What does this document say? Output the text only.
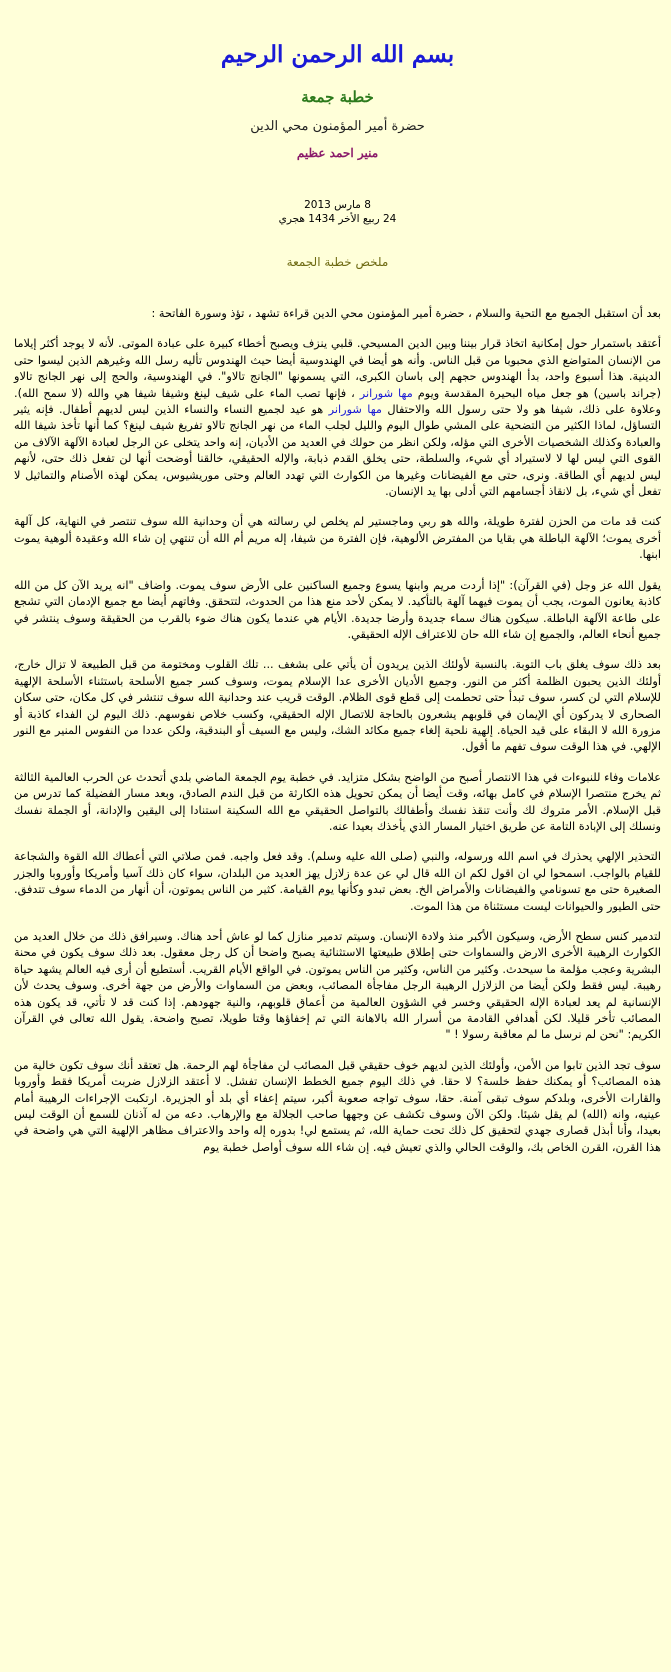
بسم الله الرحمن الرحيم
خطبة جمعة
حضرة أمير المؤمنون محي الدين
منير احمد عظيم
8 مارس 2013
24 ربيع الأخر 1434 هجري
ملخص خطبة الجمعة

بعد أن استقبل الجميع مع التحية والسلام ، حضرة أمير المؤمنون محي الدين قراءة تشهد ، تؤذ وسورة الفاتحة :

أعتقد باستمرار حول إمكانية اتخاذ قرار بيننا وبين الدين المسيحي. قلبي ينزف ويصبح أخطاء كبيرة على عبادة الموتى. لأنه لا يوجد أكثر إيلاما من الإنسان المتواضع الذي محبوبا من قبل الناس. وأنه هو أيضا في الهندوسية أيضا حيث الهندوس تأليه رسل الله وغيرهم الذين ليسوا حتى الدينية. هذا أسبوع واحد، بدأ الهندوس حجهم إلى باسان الكبرى، التي يسمونها "الجانج تالاو". في الهندوسية، والحج إلى نهر الجانج تالاو (جراند باسين) هو جعل مياه البحيرة المقدسة ويوم مها شورانر ، فإنها تصب الماء على شيف لينغ وشيفا شيفا هي والله (لا سمح الله). وعلاوة على ذلك، شيفا هو ولا حتى رسول الله والاحتفال مها شورانر هو عيد لجميع النساء والنساء الذين ليس لديهم أطفال. فإنه يثير التساؤل، لماذا الكثير من التضحية على المشي طوال اليوم والليل لجلب الماء من نهر الجانج تالاو تفريغ شيف لينغ؟ كما أنها تأخذ شيفا الله والعبادة وكذلك الشخصيات الأخرى التي مؤله، ولكن انظر من حولك في العديد من الأديان، إنه واحد يتخلى عن الرجل لعبادة الآلهة الآلاف من القوى التي ليس لها لا لاستيراد أي شيء، والسلطة، حتى يخلق القدم ذبابة، والإله الحقيقي، خالقنا أوضحت أنها لن تفعل ذلك حتى، لأنهم ليس لديهم أي الطاقة. ونرى، حتى مع الفيضانات وغيرها من الكوارث التي تهدد العالم وحتى موريشيوس، يمكن لهذه الأصنام والتماثيل لا تفعل أي شيء، بل لانقاذ أجسامهم التي أدلى بها يد الإنسان.

كنت قد مات من الحزن لفترة طويلة، والله هو ربي وماجستير لم يخلص لي رسالته هي أن وحدانية الله سوف تنتصر في النهاية، كل آلهة أخرى يموت؛ الآلهة الباطلة هي بقايا من المفترض الألوهية، فإن الفترة من شيفا، إله مريم أم الله أن تنتهي إن شاء الله وعقيدة ألوهية يموت ابنها.

يقول الله عز وجل (في القرآن): "إذا أردت مريم وابنها يسوع وجميع الساكنين على الأرض سوف يموت. واضاف "انه يريد الآن كل من الله كاذبة يعانون الموت، يجب أن يموت فيهما آلهة بالتأكيد. لا يمكن لأحد منع هذا من الحدوث، لتتحقق. وفاتهم أيضا مع جميع الإدمان التي تشجع على طاعة الآلهة الباطلة. سيكون هناك سماء جديدة وأرضا جديدة. الأيام هي عندما يكون هناك ضوء بالقرب من الحقيقة وسوف ينتشر في جميع أنحاء العالم، والجميع إن شاء الله حان للاعتراف الإله الحقيقي.

بعد ذلك سوف يغلق باب التوبة. بالنسبة لأولئك الذين يريدون أن يأتي على بشغف ... تلك القلوب ومختومة من قبل الطبيعة لا تزال خارج، أولئك الذين يحبون الظلمة أكثر من النور. وجميع الأديان الأخرى عدا الإسلام يموت، وسوف كسر جميع الأسلحة باستثناء الأسلحة الإلهية للإسلام التي لن كسر، سوف تبدأ حتى تحطمت إلى قطع قوى الظلام. الوقت قريب عند وحدانية الله سوف تنتشر في كل مكان، حتى سكان الصحارى لا يدركون أي الإيمان في قلوبهم يشعرون بالحاجة للاتصال الإله الحقيقي، وكسب خلاص نفوسهم. ذلك اليوم لن الفداء كاذبة أو مزورة الله لا البقاء على قيد الحياة. إلهية نلحية إلغاء جميع مكائد الشك، وليس مع السيف أو البندقية، ولكن عددا من النفوس المنير مع النور الإلهي. في هذا الوقت سوف تفهم ما أقول.

علامات وفاء للنبوءات في هذا الانتصار أصبح من الواضح بشكل متزايد. في خطبة يوم الجمعة الماضي بلدي أتحدث عن الحرب العالمية الثالثة ثم يخرج منتصرا الإسلام في كامل بهائه، وقت أيضا أن يمكن تحويل هذه الكارثة من قبل الندم الصادق، وبعد مسار الفضيلة كما تدرس من قبل الإسلام. الأمر متروك لك وأنت تنقذ نفسك وأطفالك بالتواصل الحقيقي مع الله السكينة استنادا إلى اليقين والإدانة، أو الجملة نفسك ونسلك إلى الإبادة التامة عن طريق اختيار المسار الذي يأخذك بعيدا عنه.

التحذير الإلهي يحذرك في اسم الله ورسوله، والنبي (صلى الله عليه وسلم). وقد فعل واجبه. فمن صلاتي التي أعطاك الله القوة والشجاعة للقيام بالواجب. اسمحوا لي ان اقول لكم ان الله قال لي عن عدة زلازل يهز العديد من البلدان، سواء كان ذلك آسيا وأمريكا وأوروبا والجزر الصغيرة حتى مع تسونامي والفيضانات والأمراض الخ. بعض تبدو وكأنها يوم القيامة. كثير من الناس يموتون، أن أنهار من الدماء سوف تتدفق. حتى الطيور والحيوانات ليست مستثناة من هذا الموت.

لتدمير كنس سطح الأرض، وسيكون الأكبر منذ ولادة الإنسان. وسيتم تدمير منازل كما لو عاش أحد هناك. وسيرافق ذلك من خلال العديد من الكوارث الرهيبة الأخرى الارض والسماوات حتى إطلاق طبيعتها الاستثنائية يصبح واضحا أن كل رجل معقول. بعد ذلك سوف يكون في محنة البشرية وعجب مؤلمة ما سيحدث. وكثير من الناس، وكثير من الناس يموتون. في الواقع الأيام القريب. أستطيع أن أرى فيه العالم يشهد حياة رهيبة. ليس فقط ولكن أيضا من الزلازل الرهيبة الرجل مفاجأة المصائب، وبعض من السماوات والأرض من جهة أخرى. وسوف يحدث لأن الإنسانية لم يعد لعبادة الإله الحقيقي وخسر في الشؤون العالمية من أعماق قلوبهم، والنية جهودهم. إذا كنت قد لا تأتي، قد يكون هذه المصائب تأخر قليلا. لكن أهدافي القادمة من أسرار الله بالاهانة التي تم إخفاؤها وقتا طويلا، تصبح واضحة. يقول الله تعالى في القرآن الكريم: "نحن لم نرسل ما لم معاقبة رسولا ! "

سوف تجد الذين تابوا من الأمن، وأولئك الذين لديهم خوف حقيقي قبل المصائب لن مفاجأة لهم الرحمة. هل تعتقد أنك سوف تكون خالية من هذه المصائب؟ أو يمكنك حفظ خلسة؟ لا حقا. في ذلك اليوم جميع الخطط الإنسان تفشل. لا أعتقد الزلازل ضربت أمريكا فقط وأوروبا والقارات الأخرى، وبلدكم سوف تبقى آمنة. حقا، سوف تواجه صعوبة أكبر، سيتم إعفاء أي بلد أو الجزيرة. ارتكبت الإجراءات الرهيبة أمام عينيه، وانه (الله) لم يقل شيئا. ولكن الآن وسوف تكشف عن وجهها صاحب الجلالة مع والإرهاب. دعه من له آذنان للسمع أن الوقت ليس بعيدا، وأنا أبذل قصارى جهدي لتحقيق كل ذلك تحت حماية الله، ثم يستمع لي! بدوره إله واحد والاعتراف مظاهر الإلهية التي هي واضحة في هذا القرن، القرن الخاص بك، والوقت الحالي والذي تعيش فيه. إن شاء الله سوف أواصل خطبة يوم
